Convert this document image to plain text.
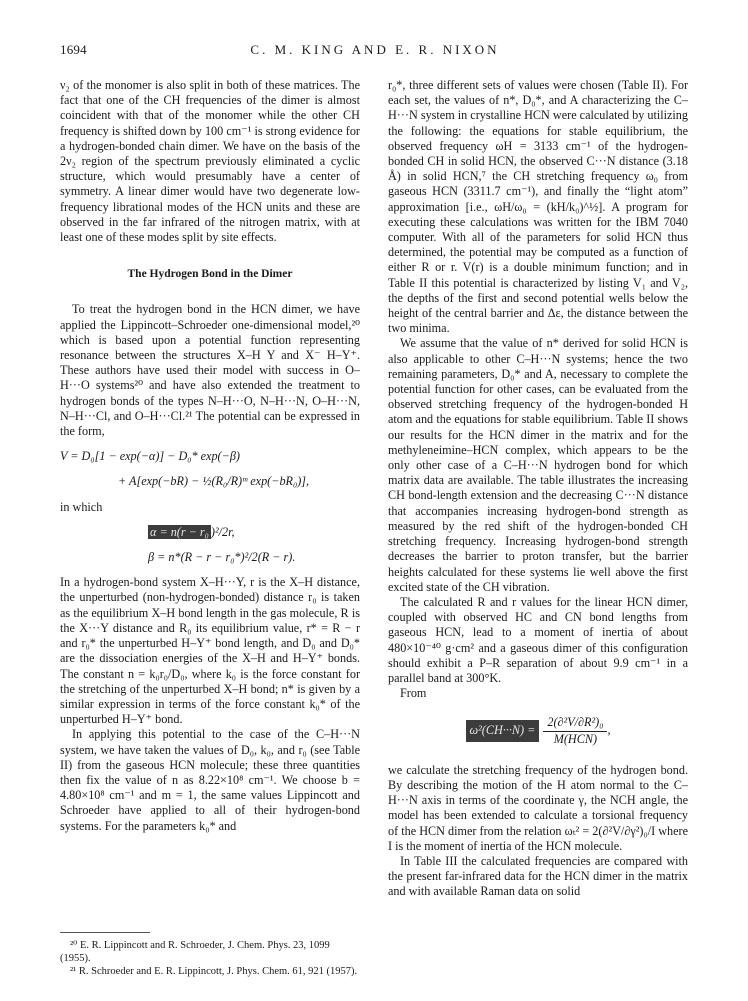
1694	C. M. KING AND E. R. NIXON

ν₂ of the monomer is also split in both of these matrices. The fact that one of the CH frequencies of the dimer is almost coincident with that of the monomer while the other CH frequency is shifted down by 100 cm⁻¹ is strong evidence for a hydrogen-bonded chain dimer. We have on the basis of the 2ν₂ region of the spectrum previously eliminated a cyclic structure, which would presumably have a center of symmetry. A linear dimer would have two degenerate low-frequency librational modes of the HCN units and these are observed in the far infrared of the nitrogen matrix, with at least one of these modes split by site effects.

The Hydrogen Bond in the Dimer

To treat the hydrogen bond in the HCN dimer, we have applied the Lippincott–Schroeder one-dimensional model,²⁰ which is based upon a potential function representing resonance between the structures X–H Y and X⁻ H–Y⁺. These authors have used their model with success in O–H···O systems²⁰ and have also extended the treatment to hydrogen bonds of the types N–H···O, N–H···N, O–H···N, N–H···Cl, and O–H···Cl.²¹ The potential can be expressed in the form,

V = D₀[1 − exp(−α)] − D₀* exp(−β)
+ A[exp(−bR) − ½(R₀/R)ᵐ exp(−bR₀)],
in which
α = n(r − r₀ )²/2r,
β = n*(R − r − r₀*)²/2(R − r).

In a hydrogen-bond system X–H···Y, r is the X–H distance, the unperturbed (non-hydrogen-bonded) distance r₀ is taken as the equilibrium X–H bond length in the gas molecule, R is the X···Y distance and R₀ its equilibrium value, r* = R − r and r₀* the unperturbed H–Y⁺ bond length, and D₀ and D₀* are the dissociation energies of the X–H and H–Y⁺ bonds. The constant n = k₀r₀/D₀, where k₀ is the force constant for the stretching of the unperturbed X–H bond; n* is given by a similar expression in terms of the force constant k₀* of the unperturbed H–Y⁺ bond.

In applying this potential to the case of the C–H···N system, we have taken the values of D₀, k₀, and r₀ (see Table II) from the gaseous HCN molecule; these three quantities then fix the value of n as 8.22×10⁸ cm⁻¹. We choose b = 4.80×10⁸ cm⁻¹ and m = 1, the same values Lippincott and Schroeder have applied to all of their hydrogen-bond systems. For the parameters k₀* and

²⁰ E. R. Lippincott and R. Schroeder, J. Chem. Phys. 23, 1099 (1955).

²¹ R. Schroeder and E. R. Lippincott, J. Phys. Chem. 61, 921 (1957).

r₀*, three different sets of values were chosen (Table II). For each set, the values of n*, D₀*, and A characterizing the C–H···N system in crystalline HCN were calculated by utilizing the following: the equations for stable equilibrium, the observed frequency ωH = 3133 cm⁻¹ of the hydrogen-bonded CH in solid HCN, the observed C···N distance (3.18 Å) in solid HCN,⁷ the CH stretching frequency ω₀ from gaseous HCN (3311.7 cm⁻¹), and finally the “light atom” approximation [i.e., ωH/ω₀ = (kH/k₀)^½]. A program for executing these calculations was written for the IBM 7040 computer. With all of the parameters for solid HCN thus determined, the potential may be computed as a function of either R or r. V(r) is a double minimum function; and in Table II this potential is characterized by listing V₁ and V₂, the depths of the first and second potential wells below the height of the central barrier and Δε, the distance between the two minima.

We assume that the value of n* derived for solid HCN is also applicable to other C–H···N systems; hence the two remaining parameters, D₀* and A, necessary to complete the potential function for other cases, can be evaluated from the observed stretching frequency of the hydrogen-bonded H atom and the equations for stable equilibrium. Table II shows our results for the HCN dimer in the matrix and for the methyleneimine–HCN complex, which appears to be the only other case of a C–H···N hydrogen bond for which matrix data are available. The table illustrates the increasing CH bond-length extension and the decreasing C···N distance that accompanies increasing hydrogen-bond strength as measured by the red shift of the hydrogen-bonded CH stretching frequency. Increasing hydrogen-bond strength decreases the barrier to proton transfer, but the barrier heights calculated for these systems lie well above the first excited state of the CH vibration.

The calculated R and r values for the linear HCN dimer, coupled with observed HC and CN bond lengths from gaseous HCN, lead to a moment of inertia of about 480×10⁻⁴⁰ g·cm² and a gaseous dimer of this configuration should exhibit a P–R separation of about 9.9 cm⁻¹ in a parallel band at 300°K.

From

$\omega^2(CH\cdot\cdot\cdot N) = \frac{\text{2(∂²V/∂R²)₀}}{\text{M(HCN)}}$ ,

we calculate the stretching frequency of the hydrogen bond. By describing the motion of the H atom normal to the C–H···N axis in terms of the coordinate γ, the NCH angle, the model has been extended to calculate a torsional frequency of the HCN dimer from the relation ωₜ² = 2(∂²V/∂γ²)₀/I where I is the moment of inertia of the HCN molecule.

In Table III the calculated frequencies are compared with the present far-infrared data for the HCN dimer in the matrix and with available Raman data on solid
